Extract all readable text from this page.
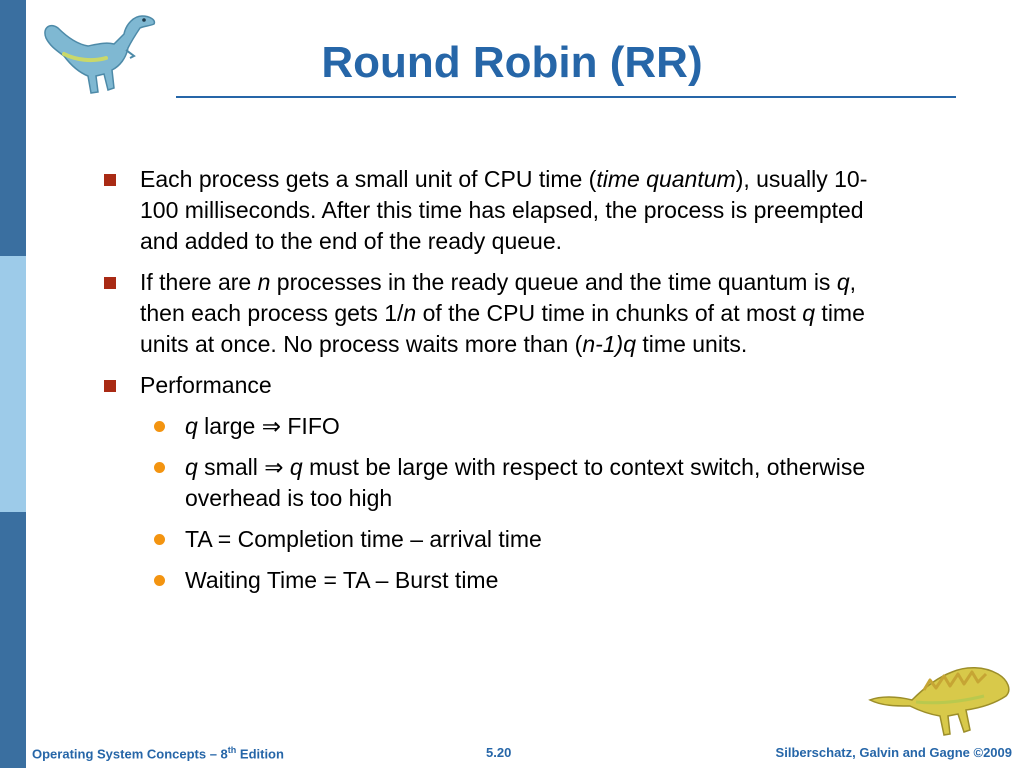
Round Robin (RR)
Each process gets a small unit of CPU time (time quantum), usually 10-100 milliseconds. After this time has elapsed, the process is preempted and added to the end of the ready queue.
If there are n processes in the ready queue and the time quantum is q, then each process gets 1/n of the CPU time in chunks of at most q time units at once. No process waits more than (n-1)q time units.
Performance
q large ⇒ FIFO
q small ⇒ q must be large with respect to context switch, otherwise overhead is too high
TA = Completion time – arrival time
Waiting Time = TA – Burst time
Operating System Concepts – 8th Edition	5.20	Silberschatz, Galvin and Gagne ©2009
